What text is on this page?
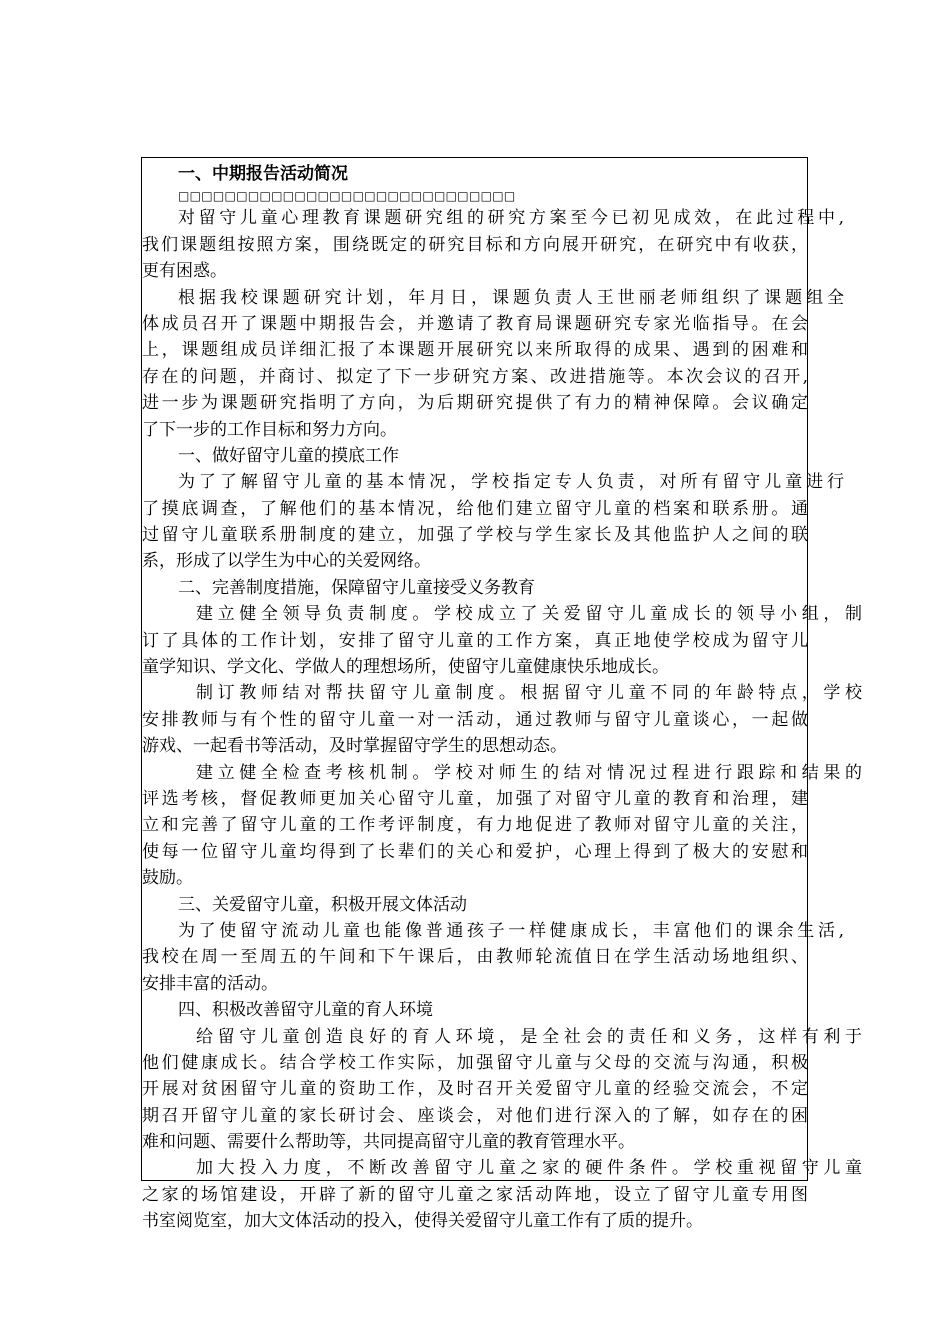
一、中期报告活动简况
□□□□□□□□□□□□□□□□□□□□□□□□□□□□□
对留守儿童心理教育课题研究组的研究方案至今已初见成效，在此过程中,
我们课题组按照方案，围绕既定的研究目标和方向展开研究，在研究中有收获，
更有困惑。
根据我校课题研究计划，年月日，课题负责人王世丽老师组织了课题组全
体成员召开了课题中期报告会，并邀请了教育局课题研究专家光临指导。在会
上，课题组成员详细汇报了本课题开展研究以来所取得的成果、遇到的困难和
存在的问题，并商讨、拟定了下一步研究方案、改进措施等。本次会议的召开,
进一步为课题研究指明了方向，为后期研究提供了有力的精神保障。会议确定
了下一步的工作目标和努力方向。
一、做好留守儿童的摸底工作
为了了解留守儿童的基本情况，学校指定专人负责，对所有留守儿童进行
了摸底调查，了解他们的基本情况，给他们建立留守儿童的档案和联系册。通
过留守儿童联系册制度的建立，加强了学校与学生家长及其他监护人之间的联
系，形成了以学生为中心的关爱网络。
二、完善制度措施，保障留守儿童接受义务教育
建立健全领导负责制度。学校成立了关爱留守儿童成长的领导小组，制
订了具体的工作计划，安排了留守儿童的工作方案，真正地使学校成为留守儿
童学知识、学文化、学做人的理想场所，使留守儿童健康快乐地成长。
制订教师结对帮扶留守儿童制度。根据留守儿童不同的年龄特点，学校
安排教师与有个性的留守儿童一对一活动，通过教师与留守儿童谈心，一起做
游戏、一起看书等活动，及时掌握留守学生的思想动态。
建立健全检查考核机制。学校对师生的结对情况过程进行跟踪和结果的
评选考核，督促教师更加关心留守儿童，加强了对留守儿童的教育和治理，建
立和完善了留守儿童的工作考评制度，有力地促进了教师对留守儿童的关注，
使每一位留守儿童均得到了长辈们的关心和爱护，心理上得到了极大的安慰和
鼓励。
三、关爱留守儿童，积极开展文体活动
为了使留守流动儿童也能像普通孩子一样健康成长，丰富他们的课余生活,
我校在周一至周五的午间和下午课后，由教师轮流值日在学生活动场地组织、
安排丰富的活动。
四、积极改善留守儿童的育人环境
给留守儿童创造良好的育人环境，是全社会的责任和义务，这样有利于
他们健康成长。结合学校工作实际，加强留守儿童与父母的交流与沟通，积极
开展对贫困留守儿童的资助工作，及时召开关爱留守儿童的经验交流会，不定
期召开留守儿童的家长研讨会、座谈会，对他们进行深入的了解，如存在的困
难和问题、需要什么帮助等，共同提高留守儿童的教育管理水平。
加大投入力度，不断改善留守儿童之家的硬件条件。学校重视留守儿童
之家的场馆建设，开辟了新的留守儿童之家活动阵地，设立了留守儿童专用图
书室阅览室，加大文体活动的投入，使得关爱留守儿童工作有了质的提升。
